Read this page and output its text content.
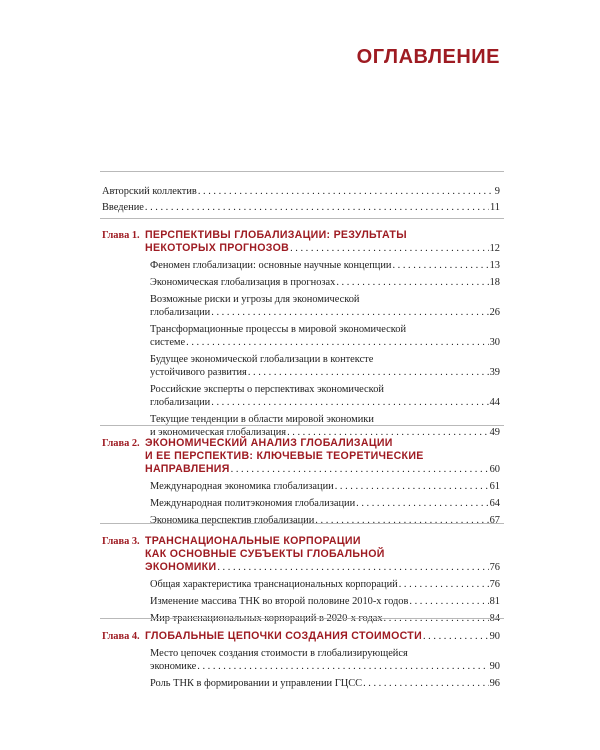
ОГЛАВЛЕНИЕ
Авторский коллектив . . .	9
Введение . . .	11
Глава 1. ПЕРСПЕКТИВЫ ГЛОБАЛИЗАЦИИ: РЕЗУЛЬТАТЫ
НЕКОТОРЫХ ПРОГНОЗОВ . . .	12
Феномен глобализации: основные научные концепции . . .	13
Экономическая глобализация в прогнозах . . .	18
Возможные риски и угрозы для экономической
глобализации . . .	26
Трансформационные процессы в мировой экономической
системе . . .	30
Будущее экономической глобализации в контексте
устойчивого развития . . .	39
Российские эксперты о перспективах экономической
глобализации . . .	44
Текущие тенденции в области мировой экономики
и экономическая глобализация . . .	49
Глава 2. ЭКОНОМИЧЕСКИЙ АНАЛИЗ ГЛОБАЛИЗАЦИИ
И ЕЕ ПЕРСПЕКТИВ: КЛЮЧЕВЫЕ ТЕОРЕТИЧЕСКИЕ
НАПРАВЛЕНИЯ . . .	60
Международная экономика глобализации . . .	61
Международная политэкономия глобализации . . .	64
Экономика перспектив глобализации . . .	67
Глава 3. ТРАНСНАЦИОНАЛЬНЫЕ КОРПОРАЦИИ
КАК ОСНОВНЫЕ СУБЪЕКТЫ ГЛОБАЛЬНОЙ
ЭКОНОМИКИ . . .	76
Общая характеристика транснациональных корпораций . . .	76
Изменение массива ТНК во второй половине 2010-х годов . . .	81
Мир транснациональных корпораций в 2020-х годах . . .	84
Глава 4. ГЛОБАЛЬНЫЕ ЦЕПОЧКИ СОЗДАНИЯ СТОИМОСТИ . . .	90
Место цепочек создания стоимости в глобализирующейся
экономике . . .	90
Роль ТНК в формировании и управлении ГЦСС . . .	96
